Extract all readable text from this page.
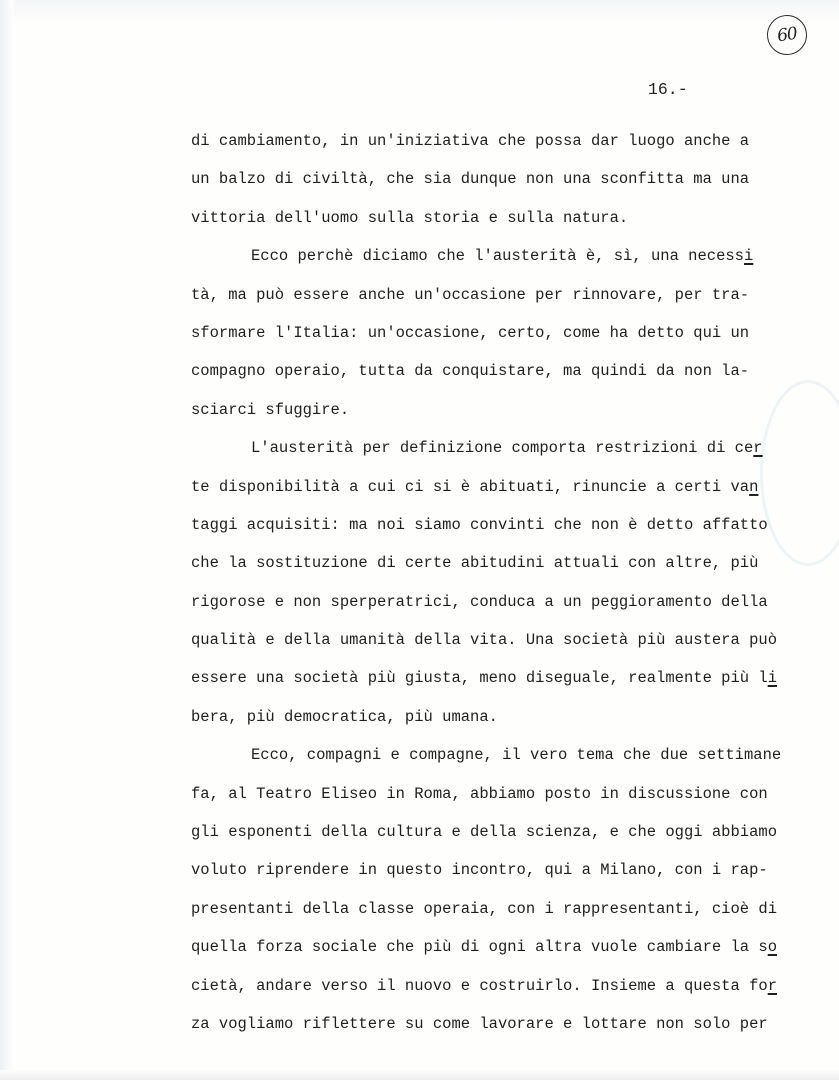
60
16.-
di cambiamento, in un'iniziativa che possa dar luogo anche a
un balzo di civiltà, che sia dunque non una sconfitta ma una
vittoria dell'uomo sulla storia e sulla natura.
Ecco perchè diciamo che l'austerità è, sì, una necessi
tà, ma può essere anche un'occasione per rinnovare, per tra-
sformare l'Italia: un'occasione, certo, come ha detto qui un
compagno operaio, tutta da conquistare, ma quindi da non la-
sciarci sfuggire.
L'austerità per definizione comporta restrizioni di cer
te disponibilità a cui ci si è abituati, rinuncie a certi van
taggi acquisiti: ma noi siamo convinti che non è detto affatto
che la sostituzione di certe abitudini attuali con altre, più
rigorose e non sperperatrici, conduca a un peggioramento della
qualità e della umanità della vita. Una società più austera può
essere una società più giusta, meno diseguale, realmente più li
bera, più democratica, più umana.
Ecco, compagni e compagne, il vero tema che due settimane
fa, al Teatro Eliseo in Roma, abbiamo posto in discussione con
gli esponenti della cultura e della scienza, e che oggi abbiamo
voluto riprendere in questo incontro, qui a Milano, con i rap-
presentanti della classe operaia, con i rappresentanti, cioè di
quella forza sociale che più di ogni altra vuole cambiare la so
cietà, andare verso il nuovo e costruirlo. Insieme a questa for
za vogliamo riflettere su come lavorare e lottare non solo per
